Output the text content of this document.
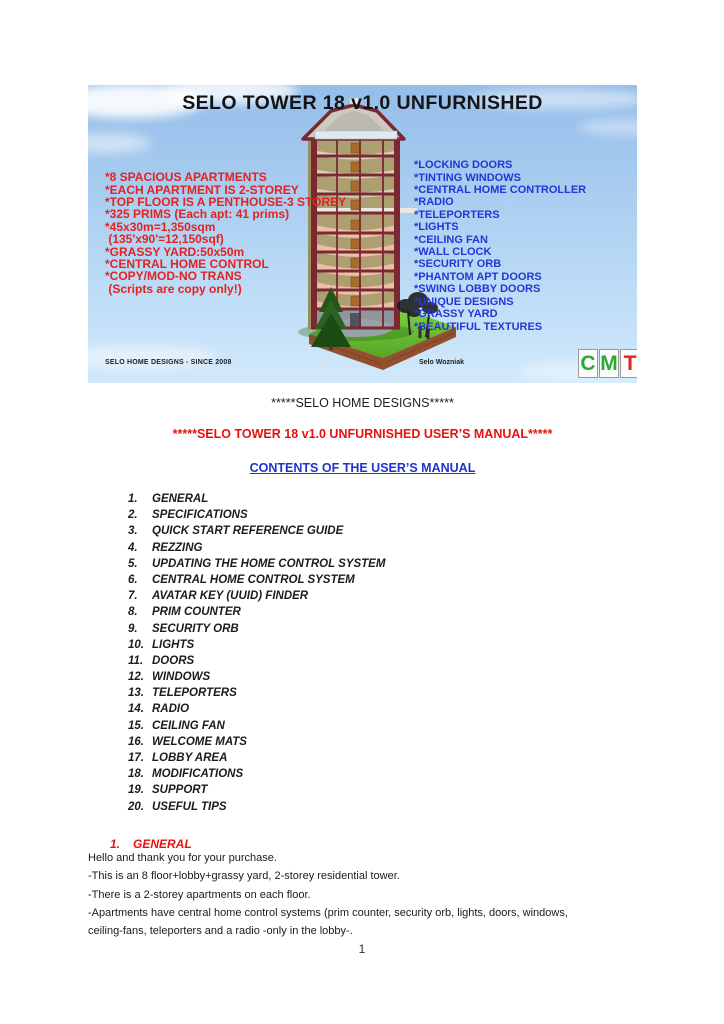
SELO TOWER 18 v1.0 UNFURNISHED

*8 SPACIOUS APARTMENTS
*EACH APARTMENT IS 2-STOREY
*TOP FLOOR IS A PENTHOUSE-3 STOREY
*325 PRIMS (Each apt: 41 prims)
*45x30m=1,350sqm
(135'x90'=12,150sqf)
*GRASSY YARD:50x50m
*CENTRAL HOME CONTROL
*COPY/MOD-NO TRANS
(Scripts are copy only!)

*LOCKING DOORS
*TINTING WINDOWS
*CENTRAL HOME CONTROLLER
*RADIO
*TELEPORTERS
*LIGHTS
*CEILING FAN
*WALL CLOCK
*SECURITY ORB
*PHANTOM APT DOORS
*SWING LOBBY DOORS
*UNIQUE DESIGNS
*GRASSY YARD
*BEAUTIFUL TEXTURES
SELO HOME DESIGNS - SINCE 2008	Selo Wozniak	C M T
*****SELO HOME DESIGNS*****
*****SELO TOWER 18 v1.0 UNFURNISHED USER’S MANUAL*****
CONTENTS OF THE USER’S MANUAL
1. GENERAL
2. SPECIFICATIONS
3. QUICK START REFERENCE GUIDE
4. REZZING
5. UPDATING THE HOME CONTROL SYSTEM
6. CENTRAL HOME CONTROL SYSTEM
7. AVATAR KEY (UUID) FINDER
8. PRIM COUNTER
9. SECURITY ORB
10. LIGHTS
11. DOORS
12. WINDOWS
13. TELEPORTERS
14. RADIO
15. CEILING FAN
16. WELCOME MATS
17. LOBBY AREA
18. MODIFICATIONS
19. SUPPORT
20. USEFUL TIPS
1. GENERAL
Hello and thank you for your purchase.
-This is an 8 floor+lobby+grassy yard, 2-storey residential tower.
-There is a 2-storey apartments on each floor.
-Apartments have central home control systems (prim counter, security orb, lights, doors, windows,
ceiling-fans, teleporters and a radio -only in the lobby-.
1
